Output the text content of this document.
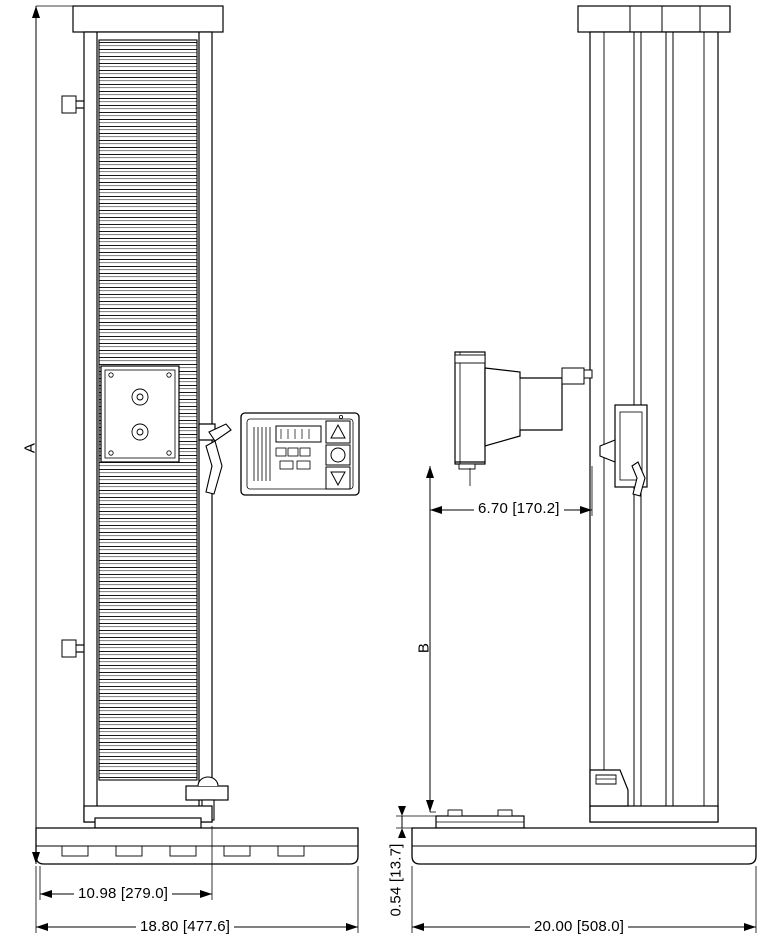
A
10.98 [279.0]
18.80 [477.6]
6.70 [170.2]
B
0.54 [13.7]
20.00 [508.0]
